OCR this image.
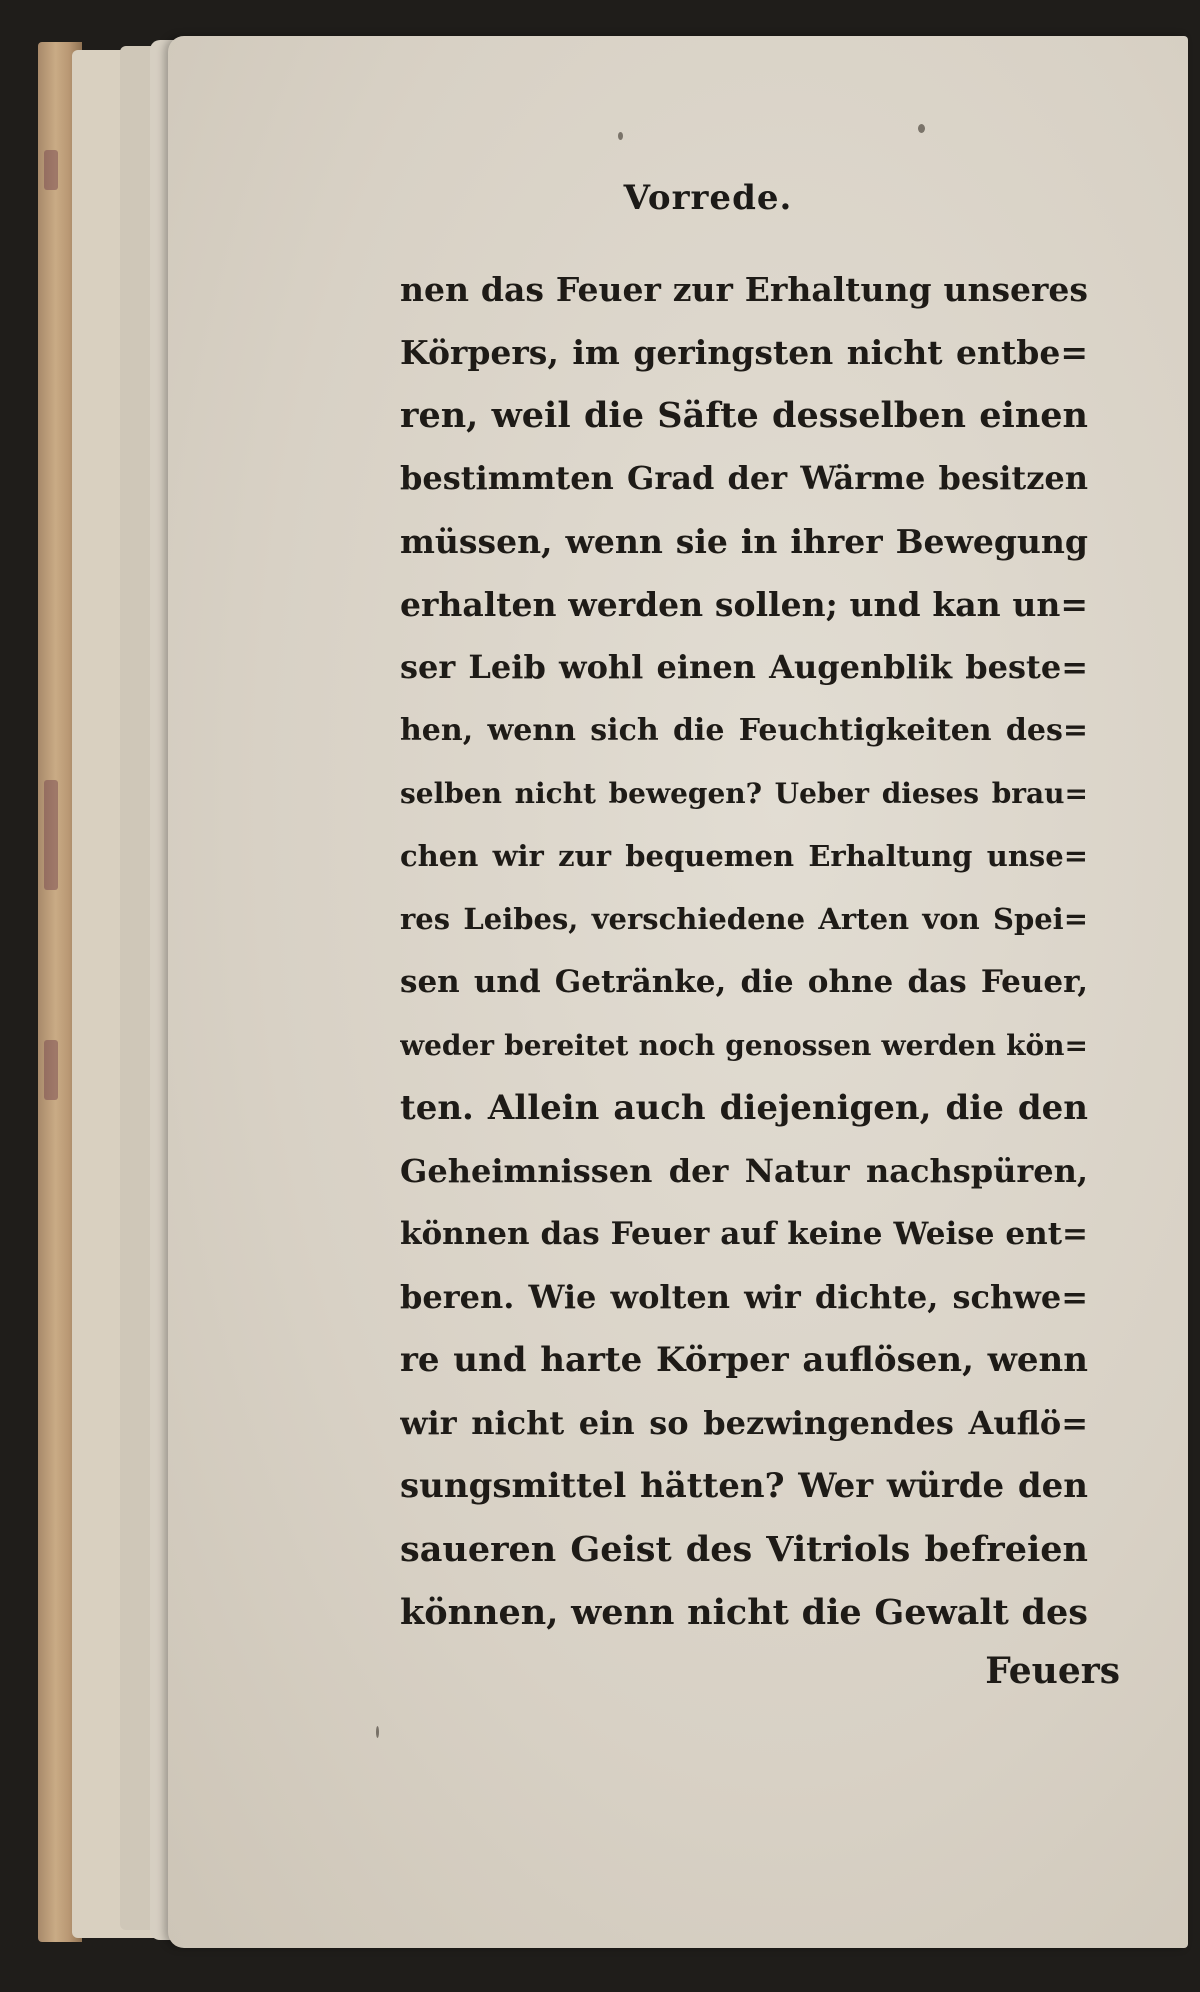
Vorrede.
nen das Feuer zur Erhaltung unseres
Körpers, im geringsten nicht entbe=
ren, weil die Säfte desselben einen
bestimmten Grad der Wärme besitzen
müssen, wenn sie in ihrer Bewegung
erhalten werden sollen; und kan un=
ser Leib wohl einen Augenblik beste=
hen, wenn sich die Feuchtigkeiten des=
selben nicht bewegen? Ueber dieses brau=
chen wir zur bequemen Erhaltung unse=
res Leibes, verschiedene Arten von Spei=
sen und Getränke, die ohne das Feuer,
weder bereitet noch genossen werden kön=
ten. Allein auch diejenigen, die den
Geheimnissen der Natur nachspüren,
können das Feuer auf keine Weise ent=
beren. Wie wolten wir dichte, schwe=
re und harte Körper auflösen, wenn
wir nicht ein so bezwingendes Auflö=
sungsmittel hätten? Wer würde den
saueren Geist des Vitriols befreien
können, wenn nicht die Gewalt des
Feuers
